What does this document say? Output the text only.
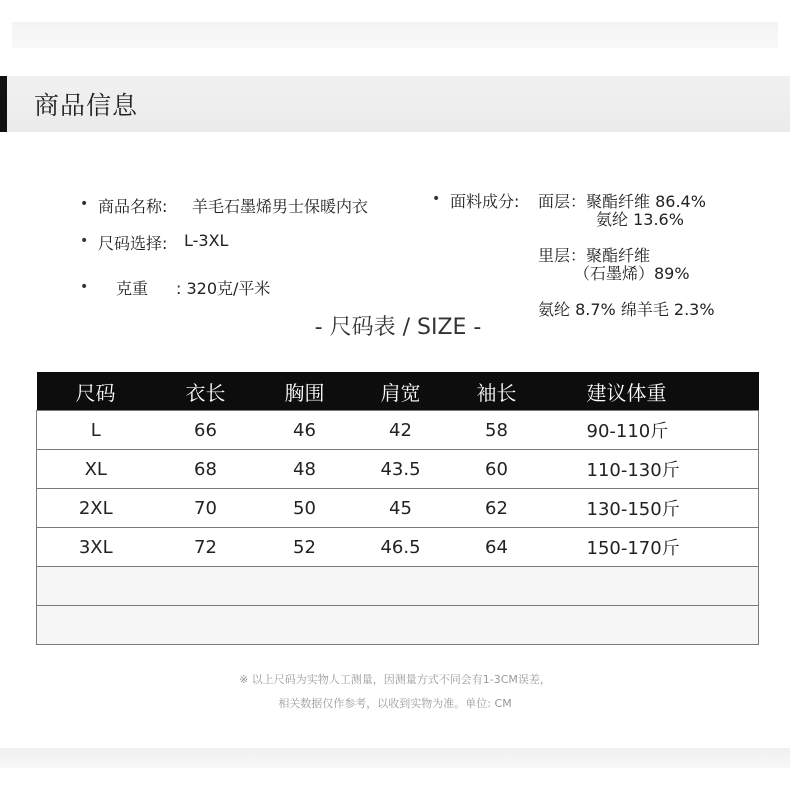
商品信息
• 商品名称: 羊毛石墨烯男士保暖内衣
• 尺码选择: L-3XL
• 克重 : 320克/平米
• 面料成分: 面层：聚酯纤维 86.4%
氨纶 13.6%
里层：聚酯纤维
（石墨烯）89%
氨纶 8.7% 绵羊毛 2.3%
- 尺码表 / SIZE -
尺码	衣长	胸围	肩宽	袖长	建议体重
L	66	46	42	58	90-110斤
XL	68	48	43.5	60	110-130斤
2XL	70	50	45	62	130-150斤
3XL	72	52	46.5	64	150-170斤

※ 以上尺码为实物人工测量，因测量方式不同会有1-3CM误差，
相关数据仅作参考，以收到实物为准。单位: CM
